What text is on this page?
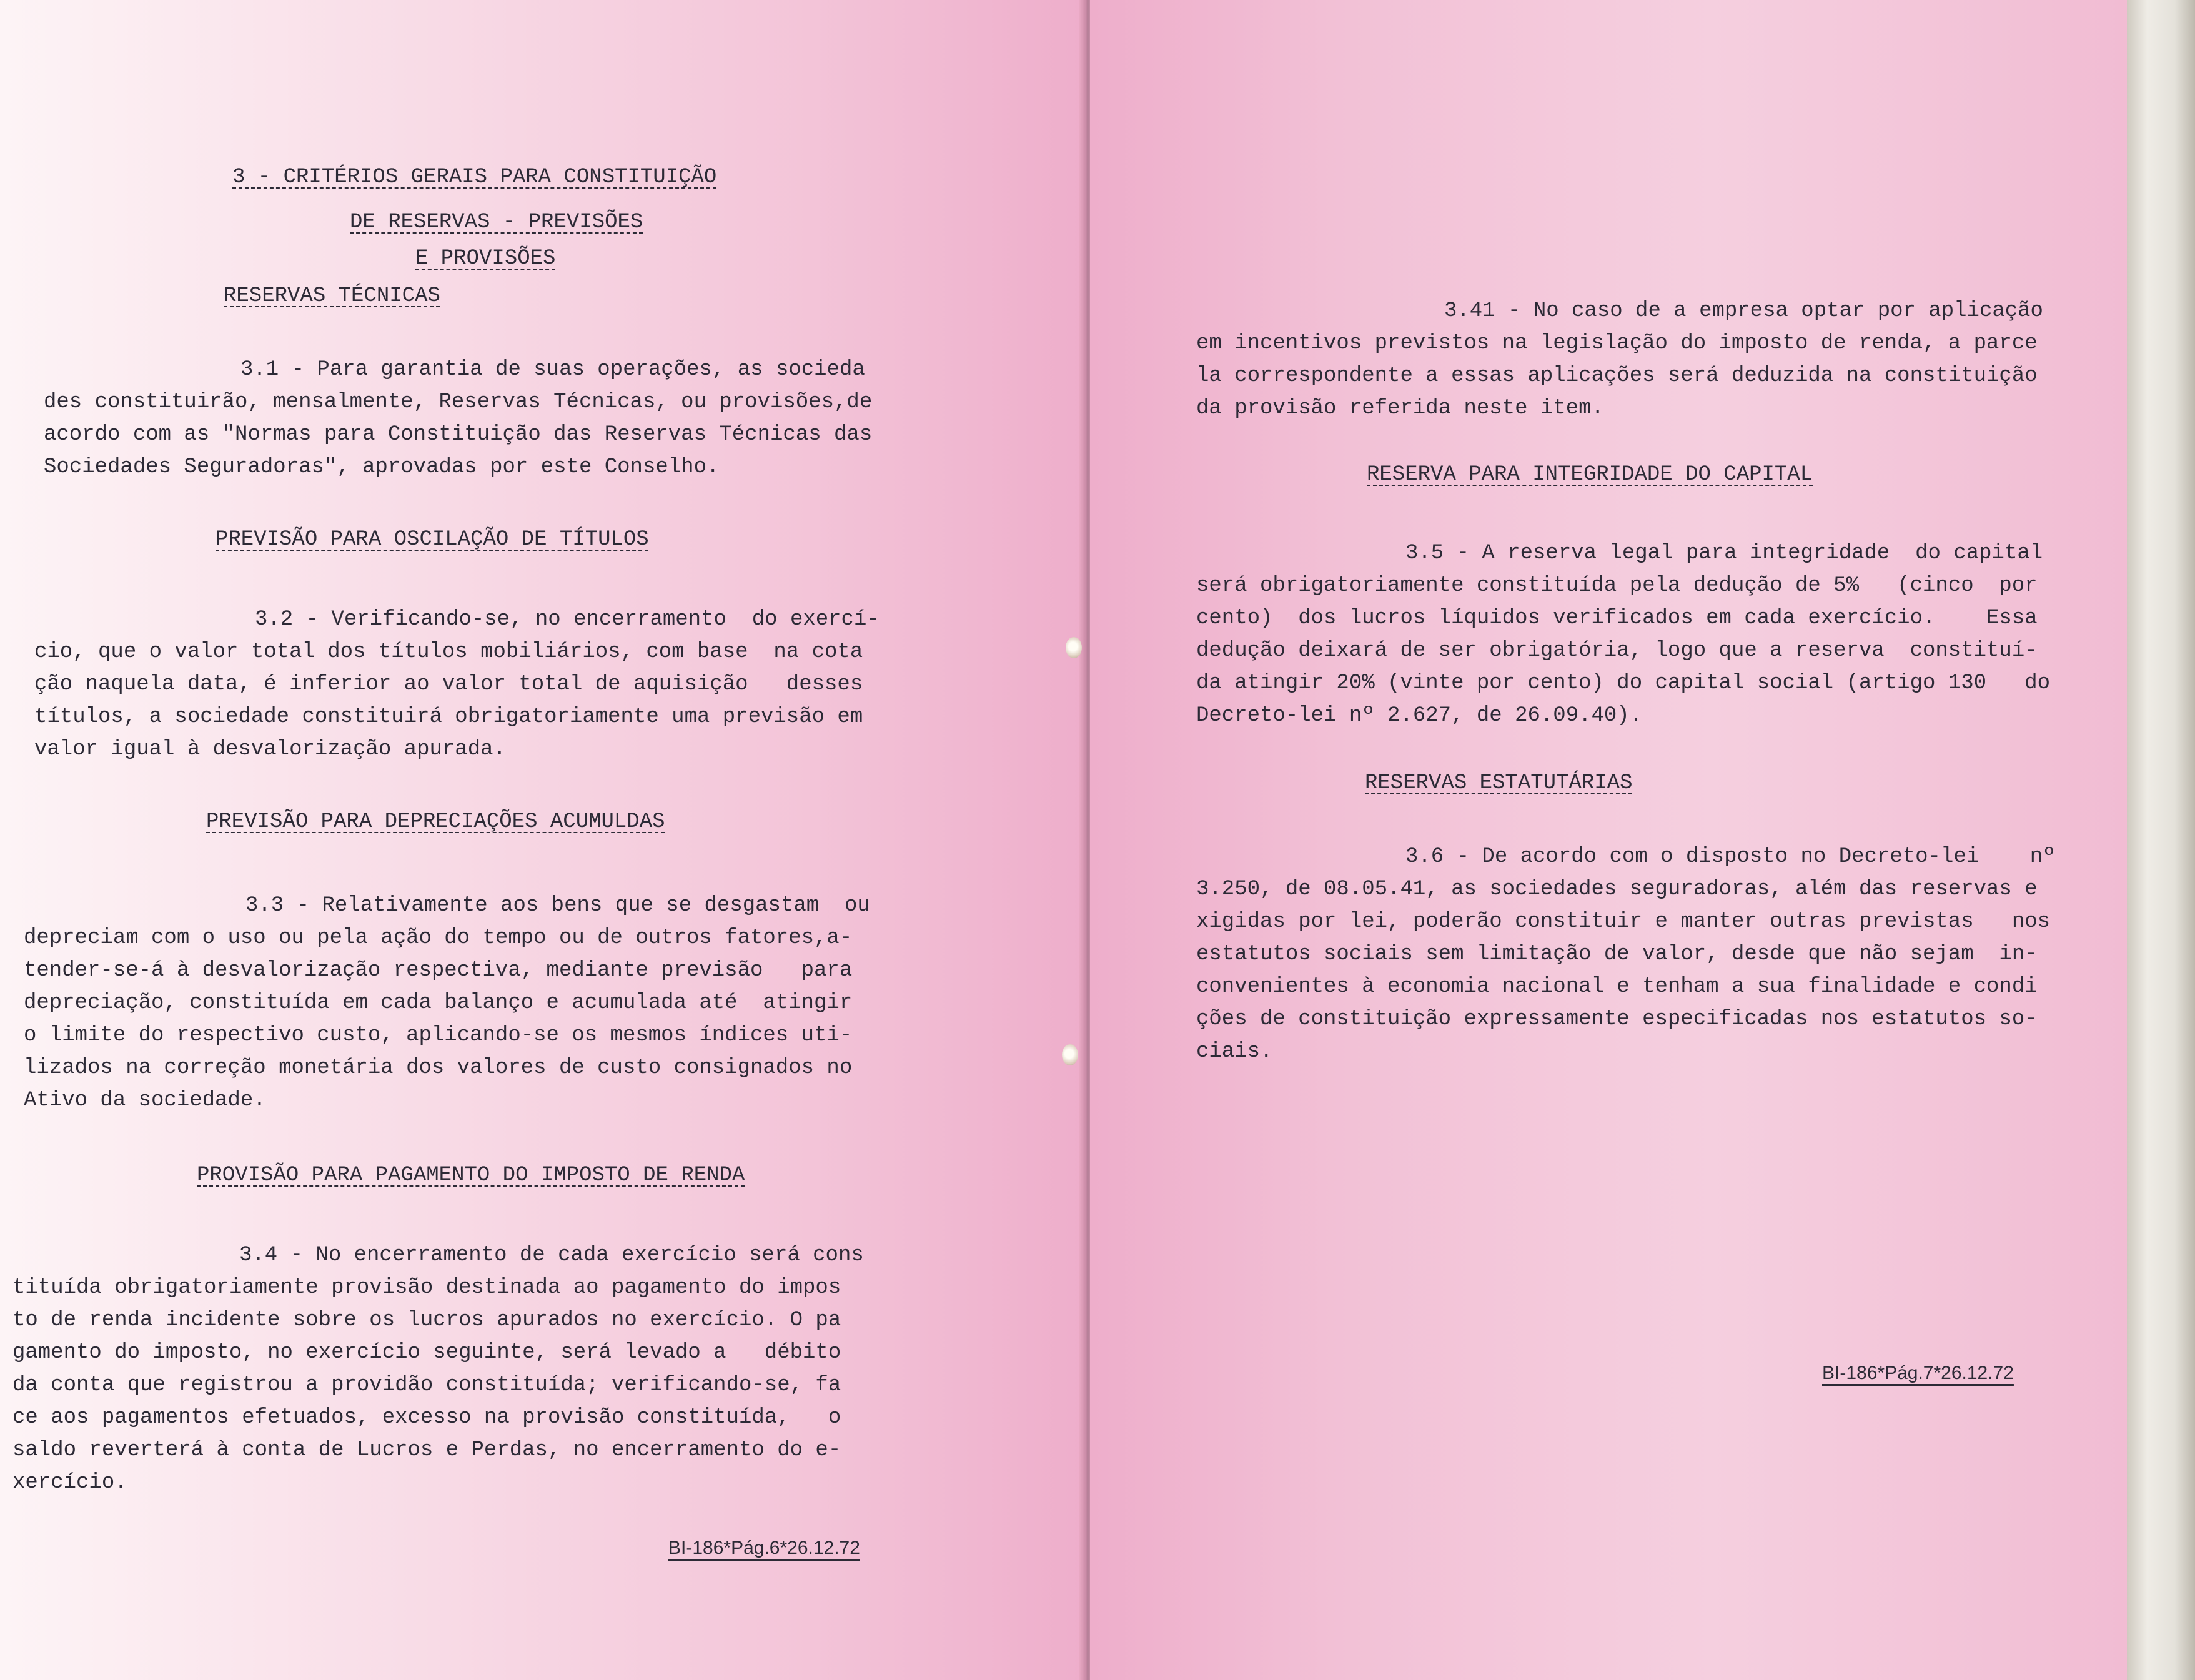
3 - CRITÉRIOS GERAIS PARA CONSTITUIÇÃO
DE RESERVAS - PREVISÕES
E PROVISÕES
RESERVAS TÉCNICAS
3.1 - Para garantia de suas operações, as socieda
des constituirão, mensalmente, Reservas Técnicas, ou provisões,de
acordo com as "Normas para Constituição das Reservas Técnicas das
Sociedades Seguradoras", aprovadas por este Conselho.
PREVISÃO PARA OSCILAÇÃO DE TÍTULOS
3.2 - Verificando-se, no encerramento  do exercí-
cio, que o valor total dos títulos mobiliários, com base  na cota
ção naquela data, é inferior ao valor total de aquisição   desses
títulos, a sociedade constituirá obrigatoriamente uma previsão em
valor igual à desvalorização apurada.
PREVISÃO PARA DEPRECIAÇÕES ACUMULDAS
3.3 - Relativamente aos bens que se desgastam  ou
depreciam com o uso ou pela ação do tempo ou de outros fatores,a-
tender-se-á à desvalorização respectiva, mediante previsão   para
depreciação, constituída em cada balanço e acumulada até  atingir
o limite do respectivo custo, aplicando-se os mesmos índices uti-
lizados na correção monetária dos valores de custo consignados no
Ativo da sociedade.
PROVISÃO PARA PAGAMENTO DO IMPOSTO DE RENDA
3.4 - No encerramento de cada exercício será cons
tituída obrigatoriamente provisão destinada ao pagamento do impos
to de renda incidente sobre os lucros apurados no exercício. O pa
gamento do imposto, no exercício seguinte, será levado a   débito
da conta que registrou a providão constituída; verificando-se, fa
ce aos pagamentos efetuados, excesso na provisão constituída,   o
saldo reverterá à conta de Lucros e Perdas, no encerramento do e-
xercício.
BI-186*Pág.6*26.12.72
3.41 - No caso de a empresa optar por aplicação
em incentivos previstos na legislação do imposto de renda, a parce
la correspondente a essas aplicações será deduzida na constituição
da provisão referida neste item.
RESERVA PARA INTEGRIDADE DO CAPITAL
3.5 - A reserva legal para integridade  do capital
será obrigatoriamente constituída pela dedução de 5%   (cinco  por
cento)  dos lucros líquidos verificados em cada exercício.    Essa
dedução deixará de ser obrigatória, logo que a reserva  constituí-
da atingir 20% (vinte por cento) do capital social (artigo 130   do
Decreto-lei nº 2.627, de 26.09.40).
RESERVAS ESTATUTÁRIAS
3.6 - De acordo com o disposto no Decreto-lei    nº
3.250, de 08.05.41, as sociedades seguradoras, além das reservas e
xigidas por lei, poderão constituir e manter outras previstas   nos
estatutos sociais sem limitação de valor, desde que não sejam  in-
convenientes à economia nacional e tenham a sua finalidade e condi
ções de constituição expressamente especificadas nos estatutos so-
ciais.
BI-186*Pág.7*26.12.72
